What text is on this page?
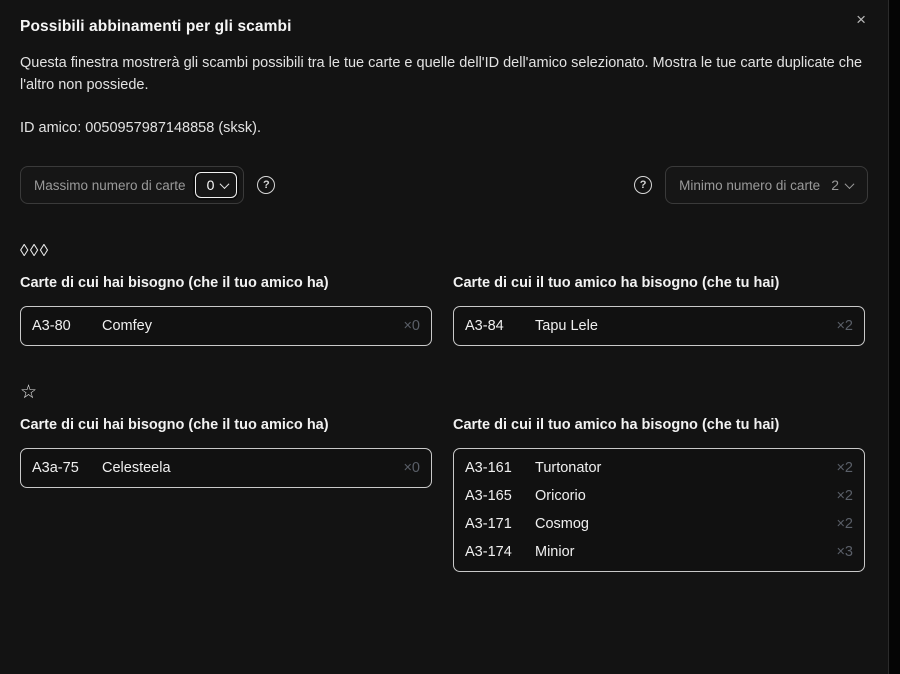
×
Possibili abbinamenti per gli scambi

Questa finestra mostrerà gli scambi possibili tra le tue carte e quelle dell'ID dell'amico selezionato. Mostra le tue carte duplicate che l'altro non possiede.

ID amico: 0050957987148858 (sksk).

Massimo numero di carte 0	?	?	Minimo numero di carte 2
◊◊◊
Carte di cui hai bisogno (che il tuo amico ha)
A3-80	Comfey	×0
Carte di cui il tuo amico ha bisogno (che tu hai)
A3-84	Tapu Lele	×2
☆
Carte di cui hai bisogno (che il tuo amico ha)
A3a-75	Celesteela	×0
Carte di cui il tuo amico ha bisogno (che tu hai)
A3-161	Turtonator	×2
A3-165	Oricorio	×2
A3-171	Cosmog	×2
A3-174	Minior	×3
